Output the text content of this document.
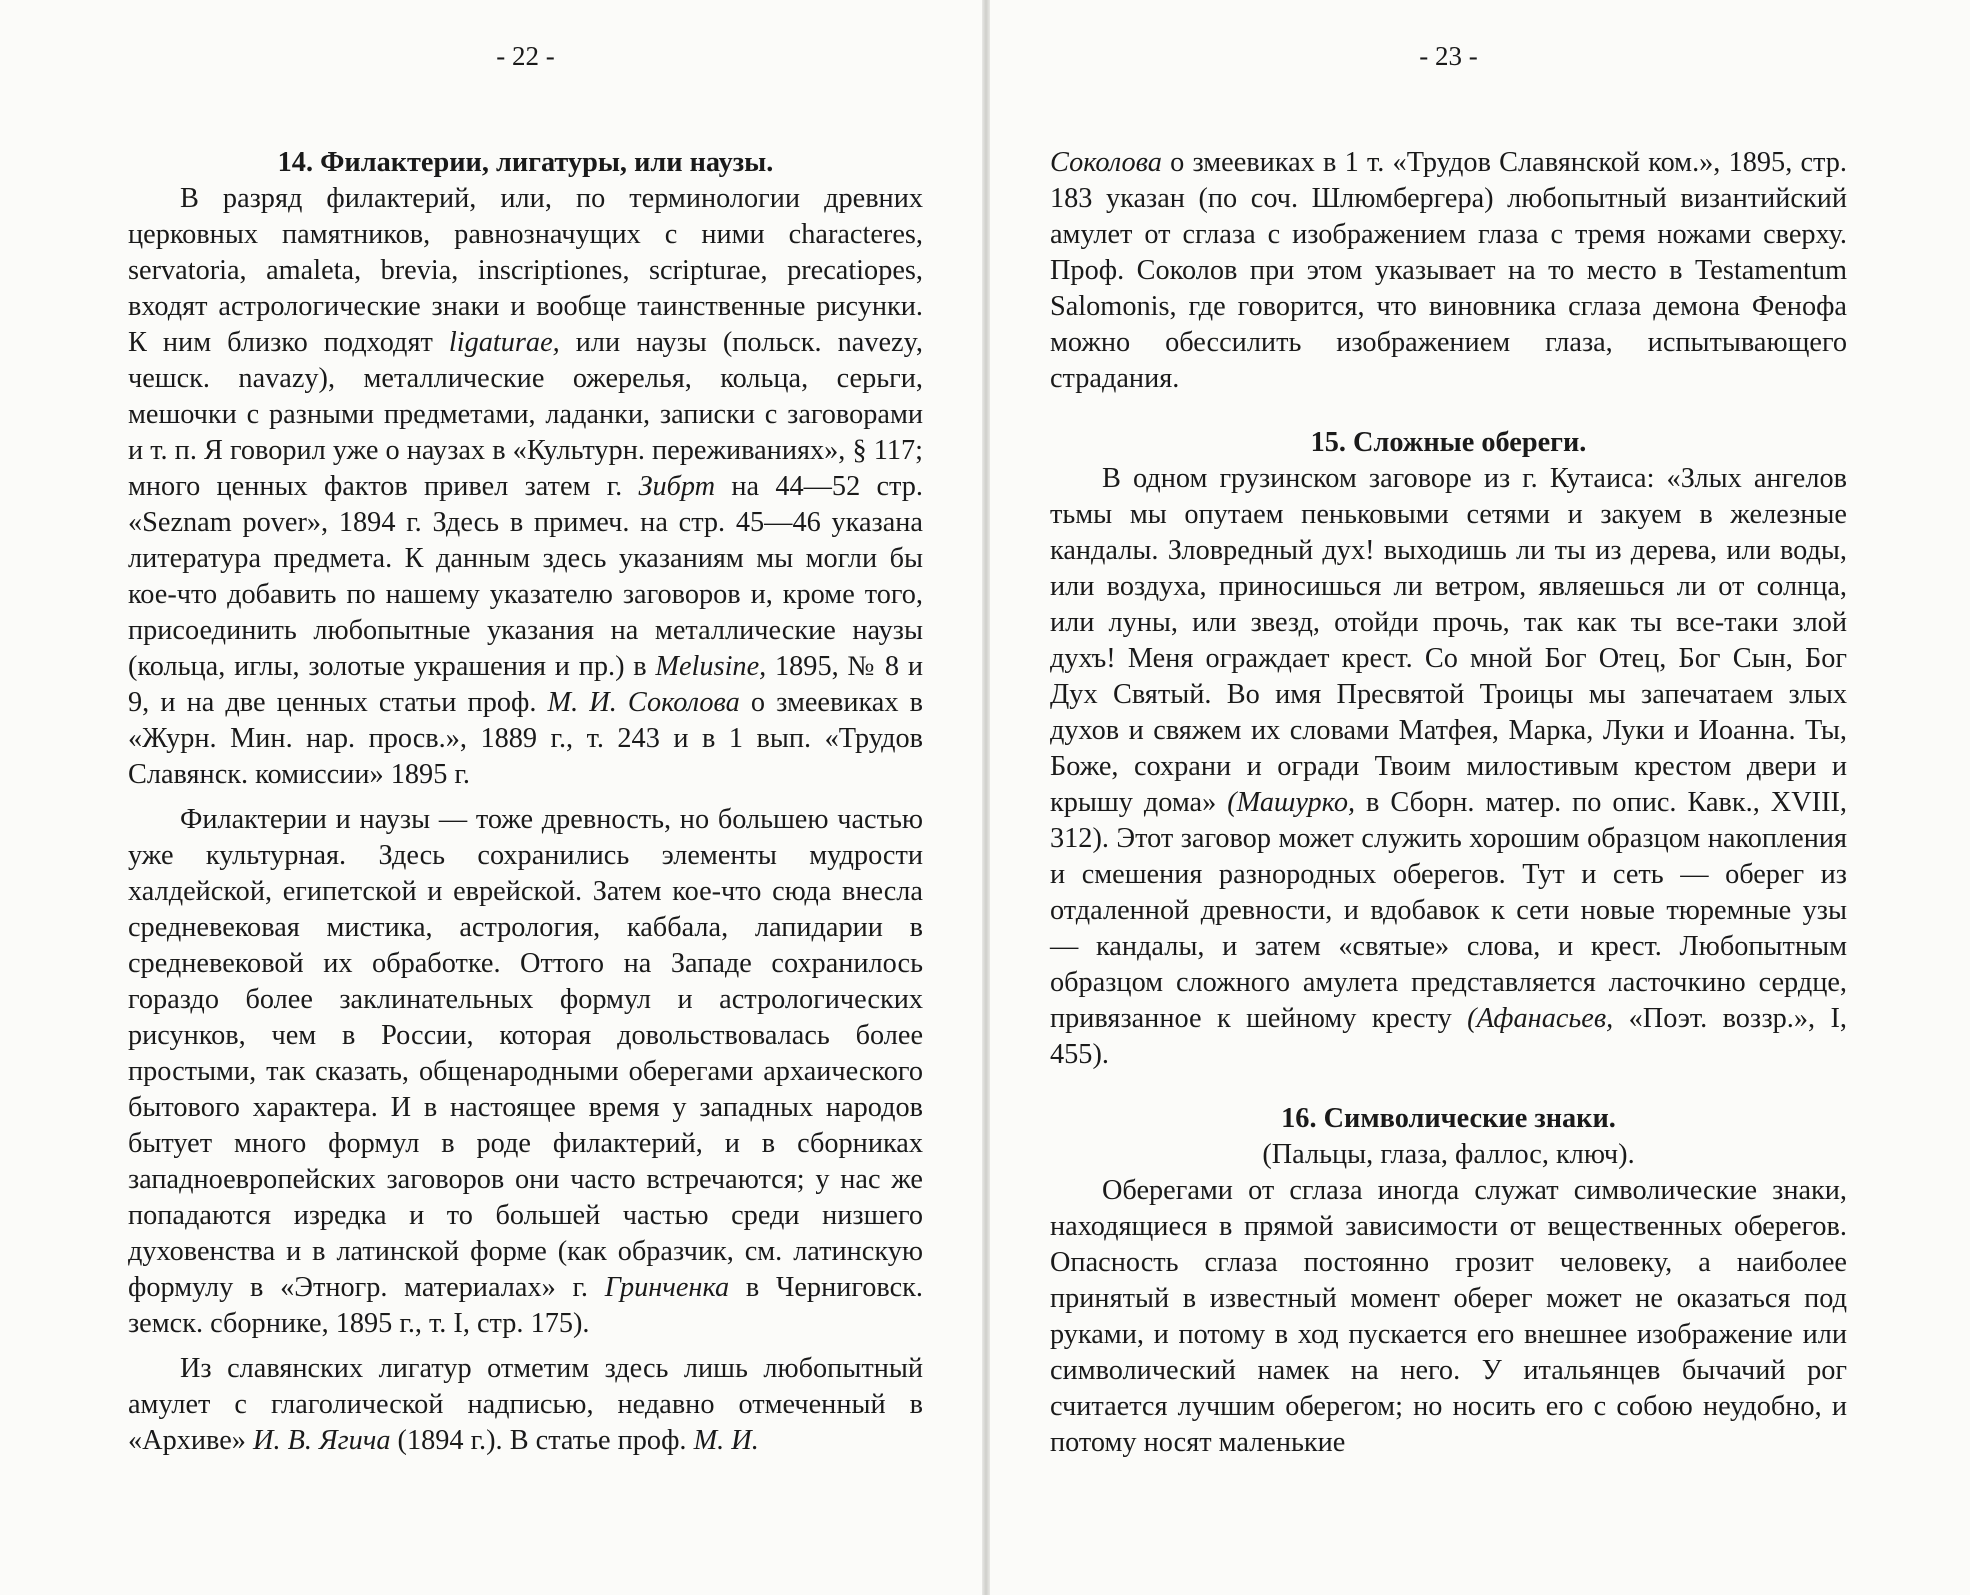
- 22 -
14. Филактерии, лигатуры, или наузы.

В разряд филактерий, или, по терминологии древних церковных памятников, равнозначущих с ними characteres, servatoria, amaleta, brevia, inscriptiones, scripturae, precatiopes, входят астрологические знаки и вообще таинственные рисунки. К ним близко подходят ligaturae, или наузы (польск. navezy, чешск. navazy), металлические ожерелья, кольца, серьги, мешочки с разными предметами, ладанки, записки с заговорами и т. п. Я говорил уже о наузах в «Культурн. переживаниях», § 117; много ценных фактов привел затем г. Зибрт на 44—52 стр. «Seznam pover», 1894 г. Здесь в примеч. на стр. 45—46 указана литература предмета. К данным здесь указаниям мы могли бы кое-что добавить по нашему указателю заговоров и, кроме того, присоединить любопытные указания на металлические наузы (кольца, иглы, золотые украшения и пр.) в Melusine, 1895, № 8 и 9, и на две ценных статьи проф. М. И. Соколова о змеевиках в «Журн. Мин. нар. просв.», 1889 г., т. 243 и в 1 вып. «Трудов Славянск. комиссии» 1895 г.

Филактерии и наузы — тоже древность, но большею частью уже культурная. Здесь сохранились элементы мудрости халдейской, египетской и еврейской. Затем кое-что сюда внесла средневековая мистика, астрология, каббала, лапидарии в средневековой их обработке. Оттого на Западе сохранилось гораздо более заклинательных формул и астрологических рисунков, чем в России, которая довольствовалась более простыми, так сказать, общенародными оберегами архаического бытового характера. И в настоящее время у западных народов бытует много формул в роде филактерий, и в сборниках западноевропейских заговоров они часто встречаются; у нас же попадаются изредка и то большей частью среди низшего духовенства и в латинской форме (как образчик, см. латинскую формулу в «Этногр. материалах» г. Гринченка в Черниговск. земск. сборнике, 1895 г., т. I, стр. 175).

Из славянских лигатур отметим здесь лишь любопытный амулет с глаголической надписью, недавно отмеченный в «Архиве» И. В. Ягича (1894 г.). В статье проф. М. И.

- 23 -

Соколова о змеевиках в 1 т. «Трудов Славянской ком.», 1895, стр. 183 указан (по соч. Шлюмбергера) любопытный византийский амулет от сглаза с изображением глаза с тремя ножами сверху. Проф. Соколов при этом указывает на то место в Testamentum Salomonis, где говорится, что виновника сглаза демона Фенофа можно обессилить изображением глаза, испытывающего страдания.

15. Сложные обереги.

В одном грузинском заговоре из г. Кутаиса: «Злых ангелов тьмы мы опутаем пеньковыми сетями и закуем в железные кандалы. Зловредный дух! выходишь ли ты из дерева, или воды, или воздуха, приносишься ли ветром, являешься ли от солнца, или луны, или звезд, отойди прочь, так как ты все-таки злой духъ! Меня ограждает крест. Со мной Бог Отец, Бог Сын, Бог Дух Святый. Во имя Пресвятой Троицы мы запечатаем злых духов и свяжем их словами Матфея, Марка, Луки и Иоанна. Ты, Боже, сохрани и огради Твоим милостивым крестом двери и крышу дома» (Машурко, в Сборн. матер. по опис. Кавк., XVIII, 312). Этот заговор может служить хорошим образцом накопления и смешения разнородных оберегов. Тут и сеть — оберег из отдаленной древности, и вдобавок к сети новые тюремные узы — кандалы, и затем «святые» слова, и крест. Любопытным образцом сложного амулета представляется ласточкино сердце, привязанное к шейному кресту (Афанасьев, «Поэт. воззр.», I, 455).

16. Символические знаки.

(Пальцы, глаза, фаллос, ключ).

Оберегами от сглаза иногда служат символические знаки, находящиеся в прямой зависимости от вещественных оберегов. Опасность сглаза постоянно грозит человеку, а наиболее принятый в известный момент оберег может не оказаться под руками, и потому в ход пускается его внешнее изображение или символический намек на него. У итальянцев бычачий рог считается лучшим оберегом; но носить его с собою неудобно, и потому носят маленькие
